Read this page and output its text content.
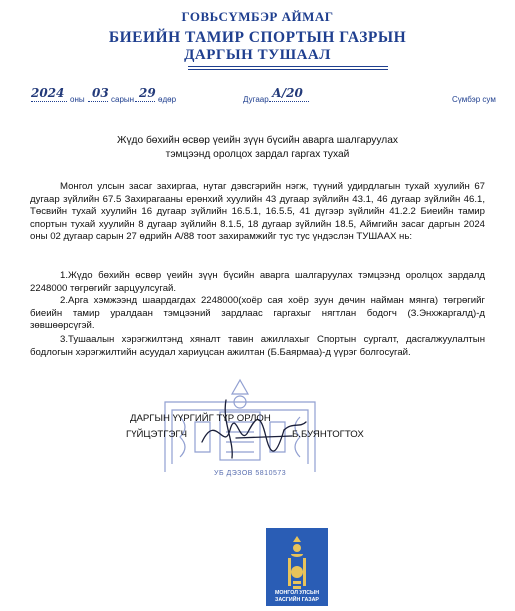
ГОВЬСҮМБЭР АЙМАГ
БИЕИЙН ТАМИР СПОРТЫН ГАЗРЫН
ДАРГЫН ТУШААЛ
2024 оны 03 сарын 29 өдөр	Дугаар А/20	Сүмбэр сум
Жүдо бөхийн өсвөр үеийн зүүн бүсийн аварга шалгаруулах
тэмцээнд оролцох зардал гаргах тухай
Монгол улсын засаг захиргаа, нутаг дэвсгэрийн нэгж, түүний удирдлагын тухай хуулийн 67 дугаар зүйлийн 67.5 Захирагааны ерөнхий хуулийн 43 дугаар зүйлийн 43.1, 46 дугаар зүйлийн 46.1, Төсвийн тухай хуулийн 16 дугаар зүйлийн 16.5.1, 16.5.5, 41 дүгээр зүйлийн 41.2.2 Биеийн тамир спортын тухай хуулийн 8 дугаар зүйлийн 8.1.5, 18 дугаар зүйлийн 18.5, Аймгийн засаг даргын 2024 оны 02 дугаар сарын 27 өдрийн А/88 тоот захирамжийг тус тус үндэслэн ТУШААХ нь:
1.Жүдо бөхийн өсвөр үеийн зүүн бүсийн аварга шалгаруулах тэмцээнд оролцох зардалд 2248000 төгрөгийг зарцуулсугай.
2.Арга хэмжээнд шаардагдах 2248000(хоёр сая хоёр зуун дөчин найман мянга) төгрөгийг биеийн тамир уралдаан тэмцээний зардлаас гаргахыг нягтлан бодогч (З.Энхжаргалд)-д зөвшөөрсүгэй.
3.Тушаалын хэрэгжилтэнд хяналт тавин ажиллахыг Спортын сургалт, дасгалжуулалтын бодлогын хэрэгжилтийн асуудал хариуцсан ажилтан (Б.Баярмаа)-д үүрэг болгосугай.
УБ ДЭЗОВ 5810573
ДАРГЫН ҮҮРГИЙГ ТҮР ОРЛОН
ГҮЙЦЭТГЭГЧ	Б.БУЯНТОГТОХ
МОНГОЛ УЛСЫН
ЗАСГИЙН ГАЗАР
